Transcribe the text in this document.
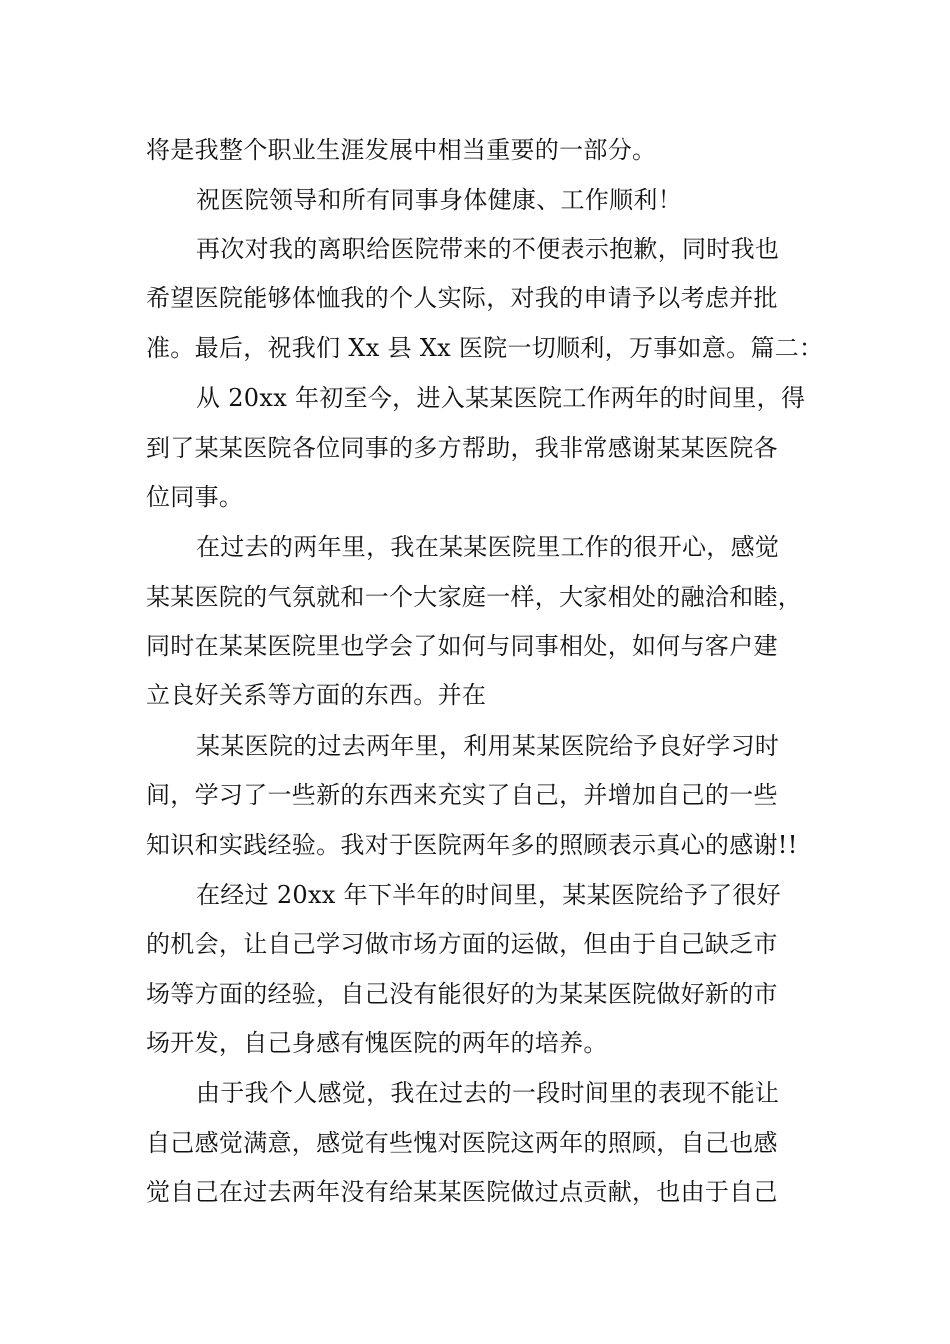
将是我整个职业生涯发展中相当重要的一部分。
祝医院领导和所有同事身体健康、工作顺利！
再次对我的离职给医院带来的不便表示抱歉，同时我也
希望医院能够体恤我的个人实际，对我的申请予以考虑并批
准。最后，祝我们 Xx 县 Xx 医院一切顺利，万事如意。篇二：
从 20xx 年初至今，进入某某医院工作两年的时间里，得
到了某某医院各位同事的多方帮助，我非常感谢某某医院各
位同事。
在过去的两年里，我在某某医院里工作的很开心，感觉
某某医院的气氛就和一个大家庭一样，大家相处的融洽和睦，
同时在某某医院里也学会了如何与同事相处，如何与客户建
立良好关系等方面的东西。并在
某某医院的过去两年里，利用某某医院给予良好学习时
间，学习了一些新的东西来充实了自己，并增加自己的一些
知识和实践经验。我对于医院两年多的照顾表示真心的感谢!!
在经过 20xx 年下半年的时间里，某某医院给予了很好
的机会，让自己学习做市场方面的运做，但由于自己缺乏市
场等方面的经验，自己没有能很好的为某某医院做好新的市
场开发，自己身感有愧医院的两年的培养。
由于我个人感觉，我在过去的一段时间里的表现不能让
自己感觉满意，感觉有些愧对医院这两年的照顾，自己也感
觉自己在过去两年没有给某某医院做过点贡献，也由于自己
